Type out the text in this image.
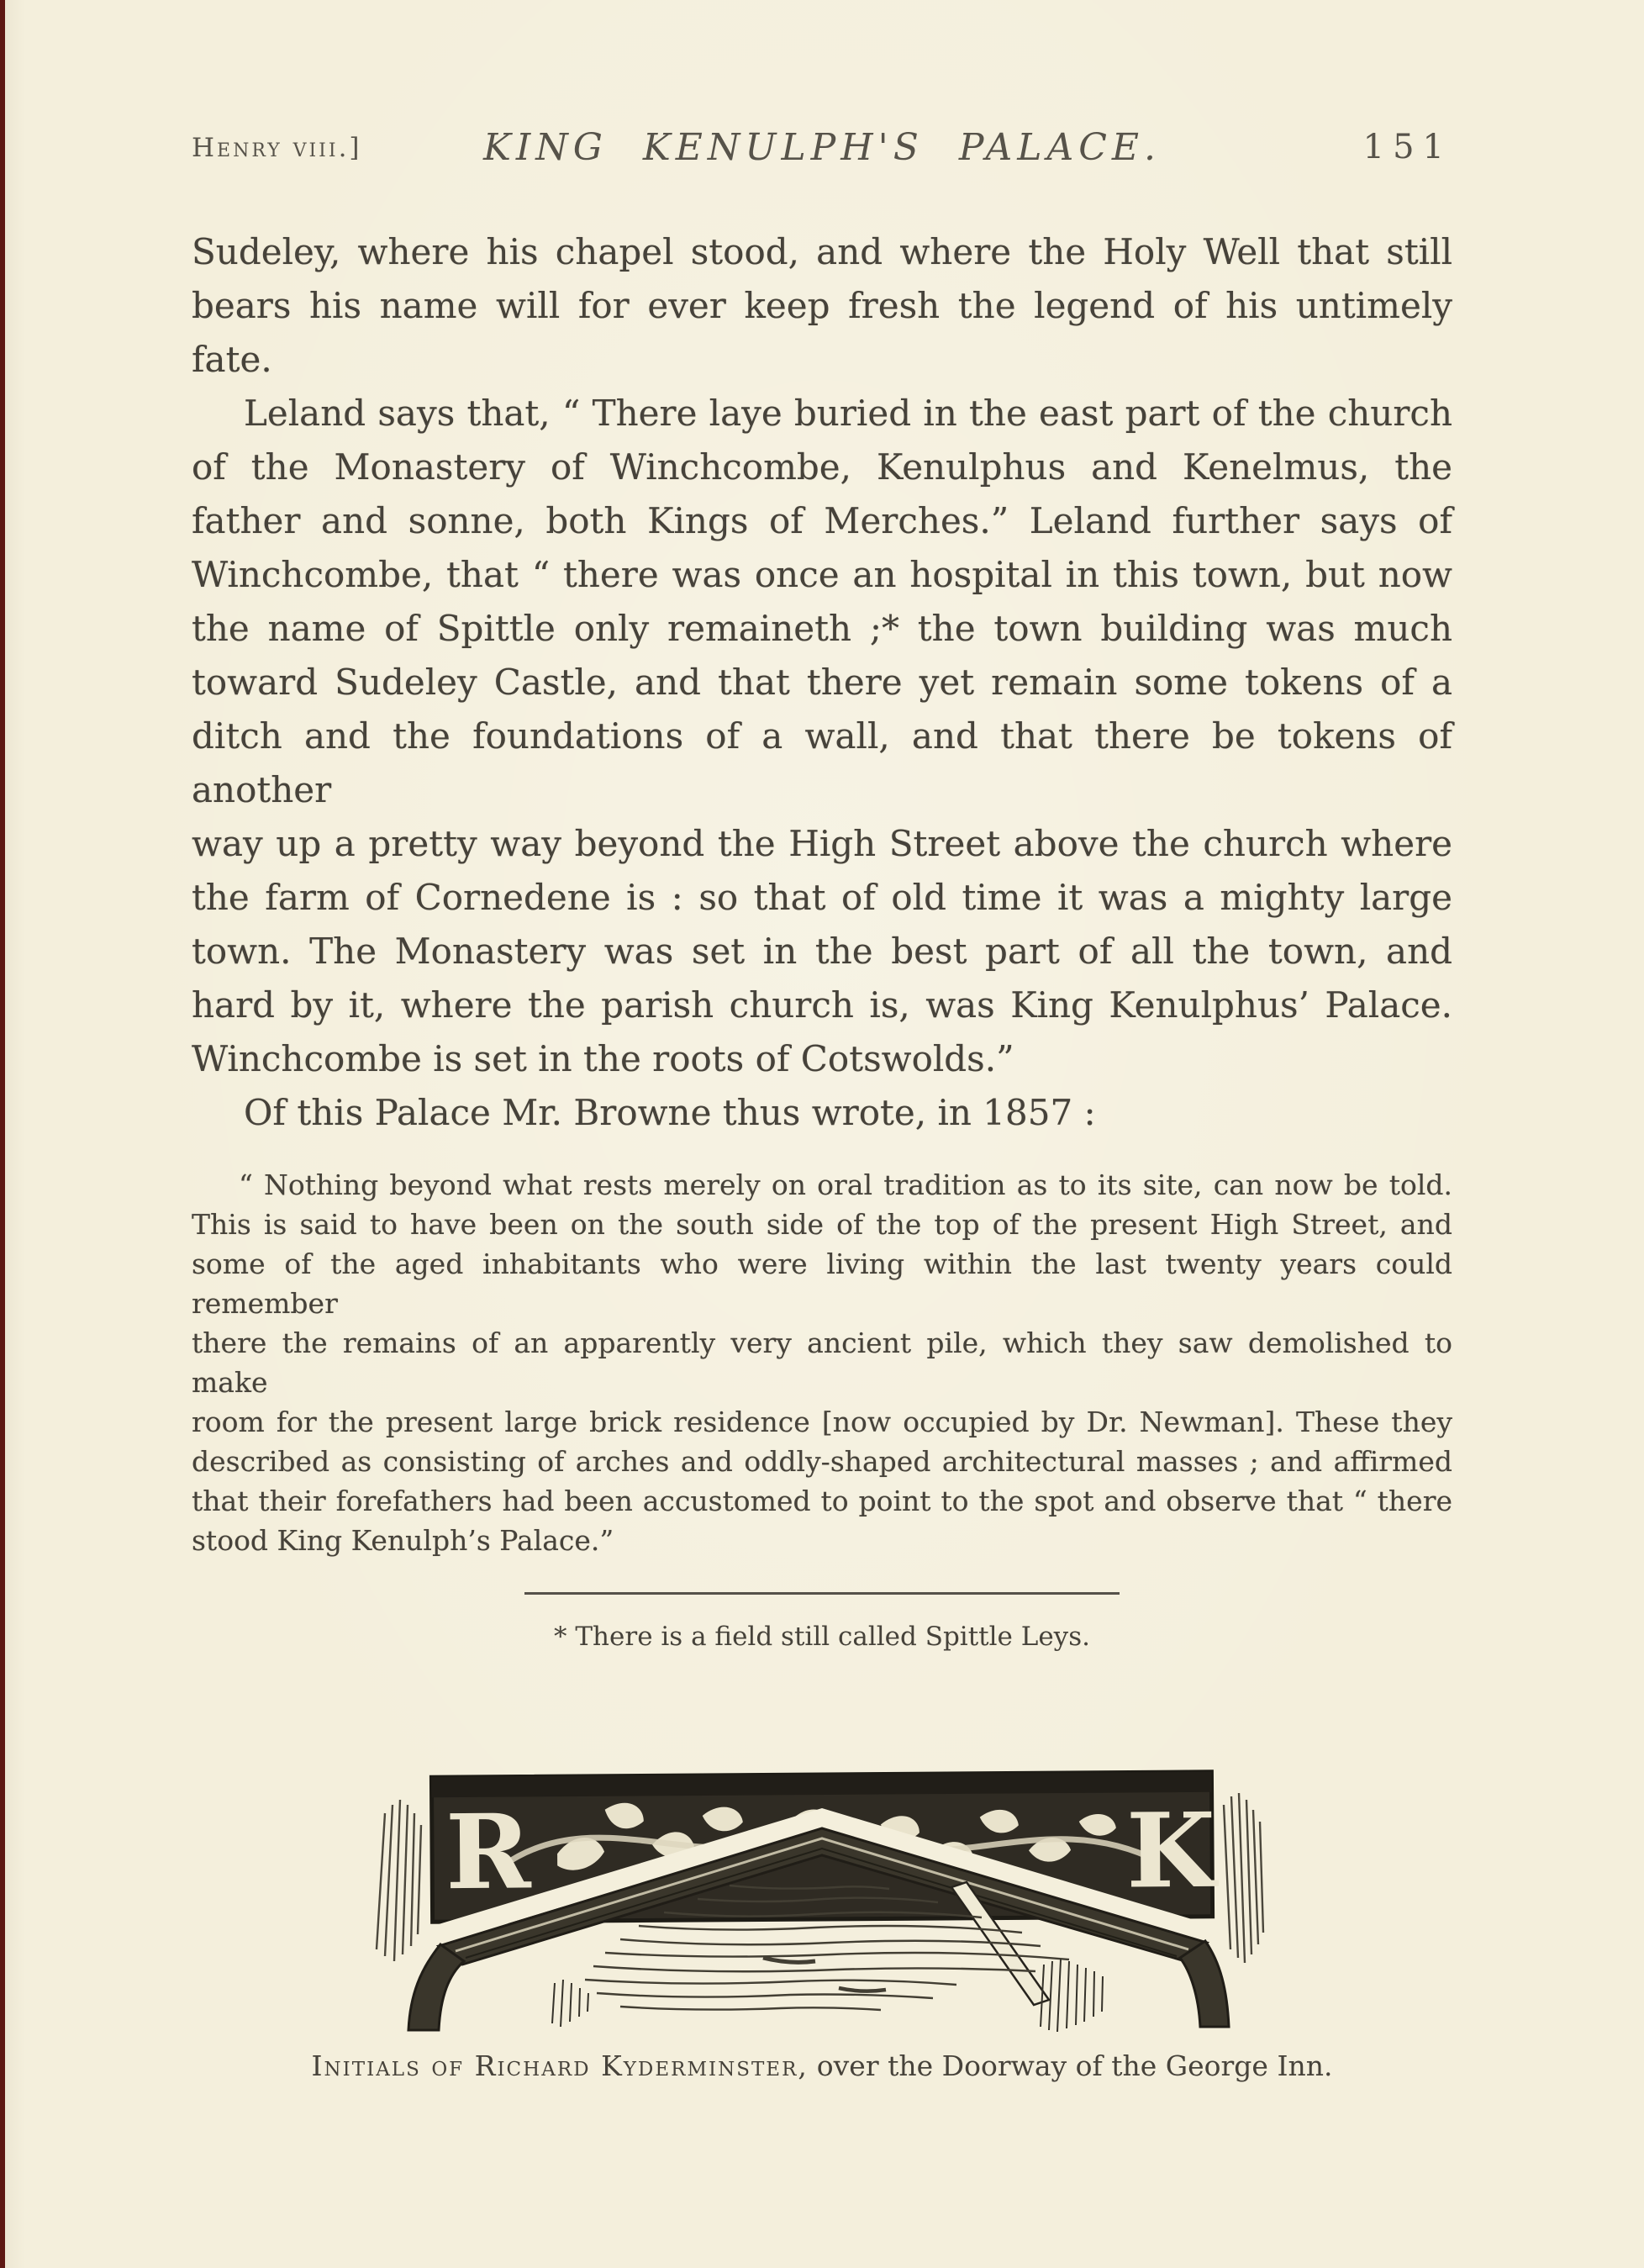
Henry viii.]	KING KENULPH'S PALACE.	151
Sudeley, where his chapel stood, and where the Holy Well that still
bears his name will for ever keep fresh the legend of his untimely fate.
Leland says that, “ There laye buried in the east part of the church
of the Monastery of Winchcombe, Kenulphus and Kenelmus, the
father and sonne, both Kings of Merches.” Leland further says of
Winchcombe, that “ there was once an hospital in this town, but now
the name of Spittle only remaineth ;* the town building was much
toward Sudeley Castle, and that there yet remain some tokens of a
ditch and the foundations of a wall, and that there be tokens of another
way up a pretty way beyond the High Street above the church where
the farm of Cornedene is : so that of old time it was a mighty large
town. The Monastery was set in the best part of all the town, and
hard by it, where the parish church is, was King Kenulphus’ Palace.
Winchcombe is set in the roots of Cotswolds.”
Of this Palace Mr. Browne thus wrote, in 1857 :
“ Nothing beyond what rests merely on oral tradition as to its site, can now be told.
This is said to have been on the south side of the top of the present High Street, and
some of the aged inhabitants who were living within the last twenty years could remember
there the remains of an apparently very ancient pile, which they saw demolished to make
room for the present large brick residence [now occupied by Dr. Newman]. These they
described as consisting of arches and oddly-shaped architectural masses ; and affirmed
that their forefathers had been accustomed to point to the spot and observe that “ there
stood King Kenulph’s Palace.”
* There is a field still called Spittle Leys.
R	K
Initials of Richard Kyderminster, over the Doorway of the George Inn.
